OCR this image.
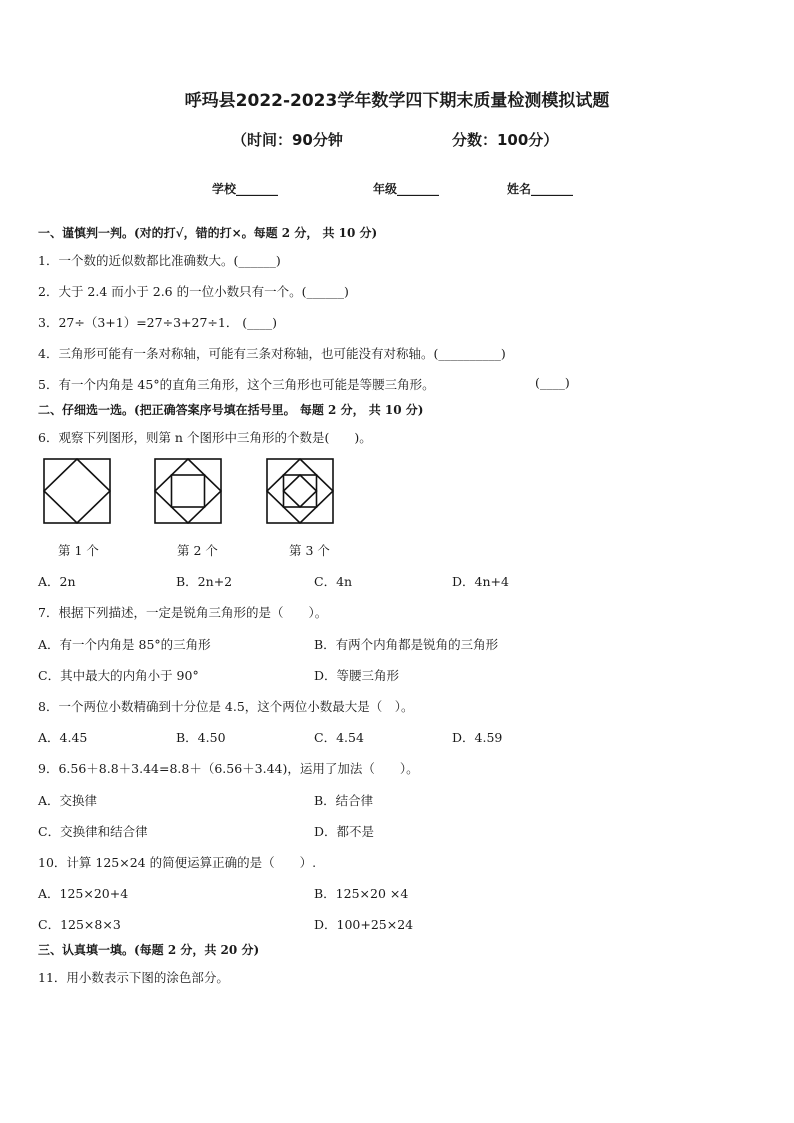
呼玛县2022-2023学年数学四下期末质量检测模拟试题
（时间：90分钟	分数：100分）
学校_______	年级_______	姓名_______
一、谨慎判一判。(对的打√，错的打×。每题 2 分， 共 10 分)
1．一个数的近似数都比准确数大。(______)
2．大于 2.4 而小于 2.6 的一位小数只有一个。(______)
3．27÷（3+1）=27÷3+27÷1． (____)
4．三角形可能有一条对称轴，可能有三条对称轴，也可能没有对称轴。(__________)
5．有一个内角是 45°的直角三角形，这个三角形也可能是等腰三角形。	(____)
二、仔细选一选。(把正确答案序号填在括号里。 每题 2 分， 共 10 分)
6．观察下列图形，则第 n 个图形中三角形的个数是(　　)。
第 1 个	第 2 个	第 3 个
A．2n	B．2n+2	C．4n	D．4n+4
7．根据下列描述，一定是锐角三角形的是（　　）。
A．有一个内角是 85°的三角形	B．有两个内角都是锐角的三角形
C．其中最大的内角小于 90°	D．等腰三角形
8．一个两位小数精确到十分位是 4.5，这个两位小数最大是（　）。
A．4.45	B．4.50	C．4.54	D．4.59
9．6.56＋8.8＋3.44=8.8＋（6.56＋3.44)，运用了加法（　　）。
A．交换律	B．结合律
C．交换律和结合律	D．都不是
10．计算 125×24 的简便运算正确的是（　　）.
A．125×20+4	B．125×20 ×4
C．125×8×3	D．100+25×24
三、认真填一填。(每题 2 分，共 20 分)
11．用小数表示下图的涂色部分。
